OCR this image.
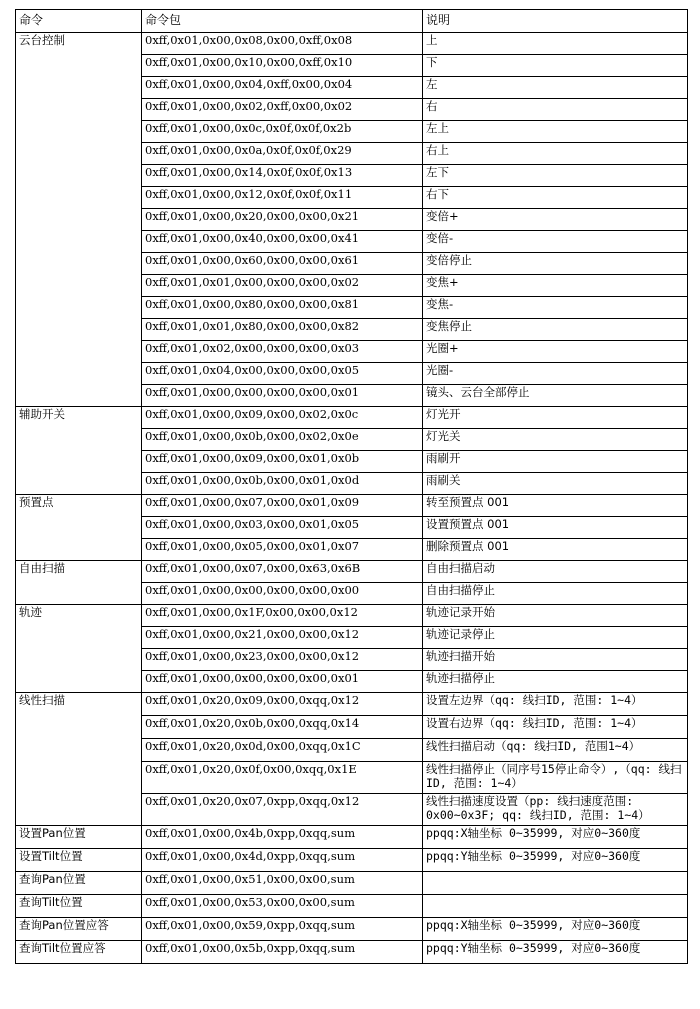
命令	命令包	说明
云台控制	0xff,0x01,0x00,0x08,0x00,0xff,0x08	上
	0xff,0x01,0x00,0x10,0x00,0xff,0x10	下
	0xff,0x01,0x00,0x04,0xff,0x00,0x04	左
	0xff,0x01,0x00,0x02,0xff,0x00,0x02	右
	0xff,0x01,0x00,0x0c,0x0f,0x0f,0x2b	左上
	0xff,0x01,0x00,0x0a,0x0f,0x0f,0x29	右上
	0xff,0x01,0x00,0x14,0x0f,0x0f,0x13	左下
	0xff,0x01,0x00,0x12,0x0f,0x0f,0x11	右下
	0xff,0x01,0x00,0x20,0x00,0x00,0x21	变倍+
	0xff,0x01,0x00,0x40,0x00,0x00,0x41	变倍-
	0xff,0x01,0x00,0x60,0x00,0x00,0x61	变倍停止
	0xff,0x01,0x01,0x00,0x00,0x00,0x02	变焦+
	0xff,0x01,0x00,0x80,0x00,0x00,0x81	变焦-
	0xff,0x01,0x01,0x80,0x00,0x00,0x82	变焦停止
	0xff,0x01,0x02,0x00,0x00,0x00,0x03	光圈+
	0xff,0x01,0x04,0x00,0x00,0x00,0x05	光圈-
	0xff,0x01,0x00,0x00,0x00,0x00,0x01	镜头、云台全部停止
辅助开关	0xff,0x01,0x00,0x09,0x00,0x02,0x0c	灯光开
	0xff,0x01,0x00,0x0b,0x00,0x02,0x0e	灯光关
	0xff,0x01,0x00,0x09,0x00,0x01,0x0b	雨刷开
	0xff,0x01,0x00,0x0b,0x00,0x01,0x0d	雨刷关
预置点	0xff,0x01,0x00,0x07,0x00,0x01,0x09	转至预置点 001
	0xff,0x01,0x00,0x03,0x00,0x01,0x05	设置预置点 001
	0xff,0x01,0x00,0x05,0x00,0x01,0x07	删除预置点 001
自由扫描	0xff,0x01,0x00,0x07,0x00,0x63,0x6B	自由扫描启动
	0xff,0x01,0x00,0x00,0x00,0x00,0x00	自由扫描停止
轨迹	0xff,0x01,0x00,0x1F,0x00,0x00,0x12	轨迹记录开始
	0xff,0x01,0x00,0x21,0x00,0x00,0x12	轨迹记录停止
	0xff,0x01,0x00,0x23,0x00,0x00,0x12	轨迹扫描开始
	0xff,0x01,0x00,0x00,0x00,0x00,0x01	轨迹扫描停止
线性扫描	0xff,0x01,0x20,0x09,0x00,0xqq,0x12	设置左边界（qq: 线扫ID, 范围: 1~4）
	0xff,0x01,0x20,0x0b,0x00,0xqq,0x14	设置右边界（qq: 线扫ID, 范围: 1~4）
	0xff,0x01,0x20,0x0d,0x00,0xqq,0x1C	线性扫描启动（qq: 线扫ID, 范围1~4）
	0xff,0x01,0x20,0x0f,0x00,0xqq,0x1E	线性扫描停止（同序号15停止命令）,（qq: 线扫ID, 范围: 1~4）
	0xff,0x01,0x20,0x07,0xpp,0xqq,0x12	线性扫描速度设置（pp: 线扫速度范围: 0x00~0x3F; qq: 线扫ID, 范围: 1~4）
设置Pan位置	0xff,0x01,0x00,0x4b,0xpp,0xqq,sum	ppqq:X轴坐标 0~35999, 对应0~360度
设置Tilt位置	0xff,0x01,0x00,0x4d,0xpp,0xqq,sum	ppqq:Y轴坐标 0~35999, 对应0~360度
查询Pan位置	0xff,0x01,0x00,0x51,0x00,0x00,sum	
查询Tilt位置	0xff,0x01,0x00,0x53,0x00,0x00,sum	
查询Pan位置应答	0xff,0x01,0x00,0x59,0xpp,0xqq,sum	ppqq:X轴坐标 0~35999, 对应0~360度
查询Tilt位置应答	0xff,0x01,0x00,0x5b,0xpp,0xqq,sum	ppqq:Y轴坐标 0~35999, 对应0~360度
